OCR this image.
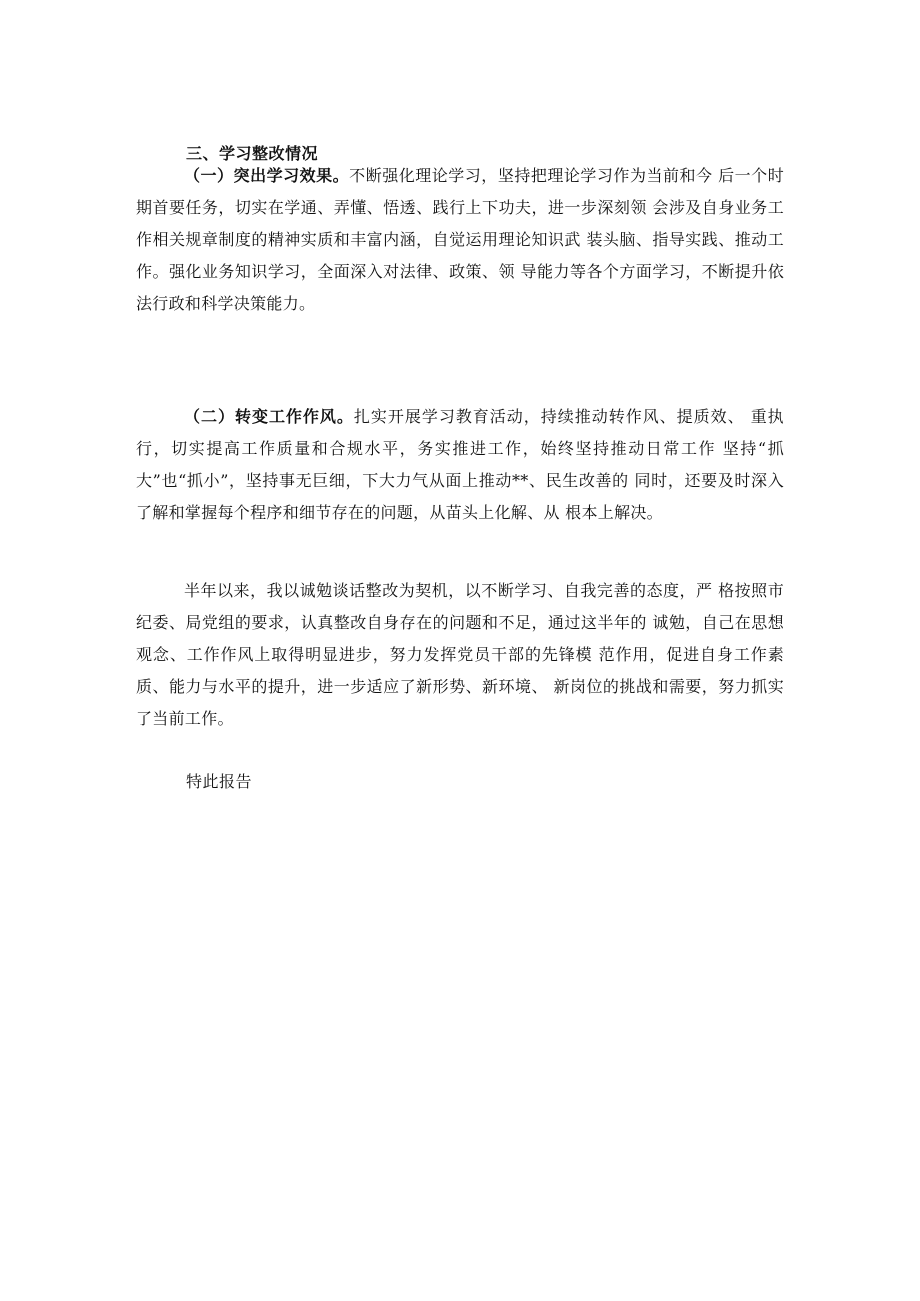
三、学习整改情况

（一）突出学习效果。不断强化理论学习，坚持把理论学习作为当前和今 后一个时期首要任务，切实在学通、弄懂、悟透、践行上下功夫，进一步深刻领 会涉及自身业务工作相关规章制度的精神实质和丰富内涵，自觉运用理论知识武 装头脑、指导实践、推动工作。强化业务知识学习，全面深入对法律、政策、领 导能力等各个方面学习，不断提升依法行政和科学决策能力。

（二）转变工作作风。扎实开展学习教育活动，持续推动转作风、提质效、 重执行，切实提高工作质量和合规水平，务实推进工作，始终坚持推动日常工作 坚持“抓大”也“抓小”，坚持事无巨细，下大力气从面上推动**、民生改善的 同时，还要及时深入了解和掌握每个程序和细节存在的问题，从苗头上化解、从 根本上解决。

半年以来，我以诚勉谈话整改为契机，以不断学习、自我完善的态度，严 格按照市纪委、局党组的要求，认真整改自身存在的问题和不足，通过这半年的 诚勉，自己在思想观念、工作作风上取得明显进步，努力发挥党员干部的先锋模 范作用，促进自身工作素质、能力与水平的提升，进一步适应了新形势、新环境、 新岗位的挑战和需要，努力抓实了当前工作。

特此报告
